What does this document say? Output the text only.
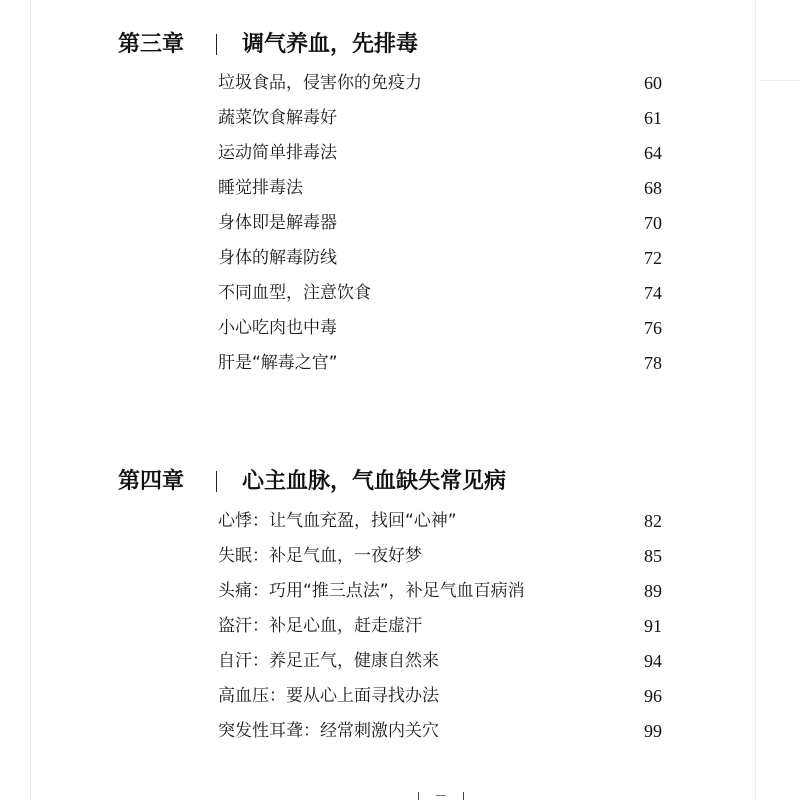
第三章	调气养血，先排毒
垃圾食品，侵害你的免疫力	60
蔬菜饮食解毒好	61
运动简单排毒法	64
睡觉排毒法	68
身体即是解毒器	70
身体的解毒防线	72
不同血型，注意饮食	74
小心吃肉也中毒	76
肝是“解毒之官”	78
第四章	心主血脉，气血缺失常见病
心悸：让气血充盈，找回“心神”	82
失眠：补足气血，一夜好梦	85
头痛：巧用“推三点法”，补足气血百病消	89
盗汗：补足心血，赶走虚汗	91
自汗：养足正气，健康自然来	94
高血压：要从心上面寻找办法	96
突发性耳聋：经常刺激内关穴	99
